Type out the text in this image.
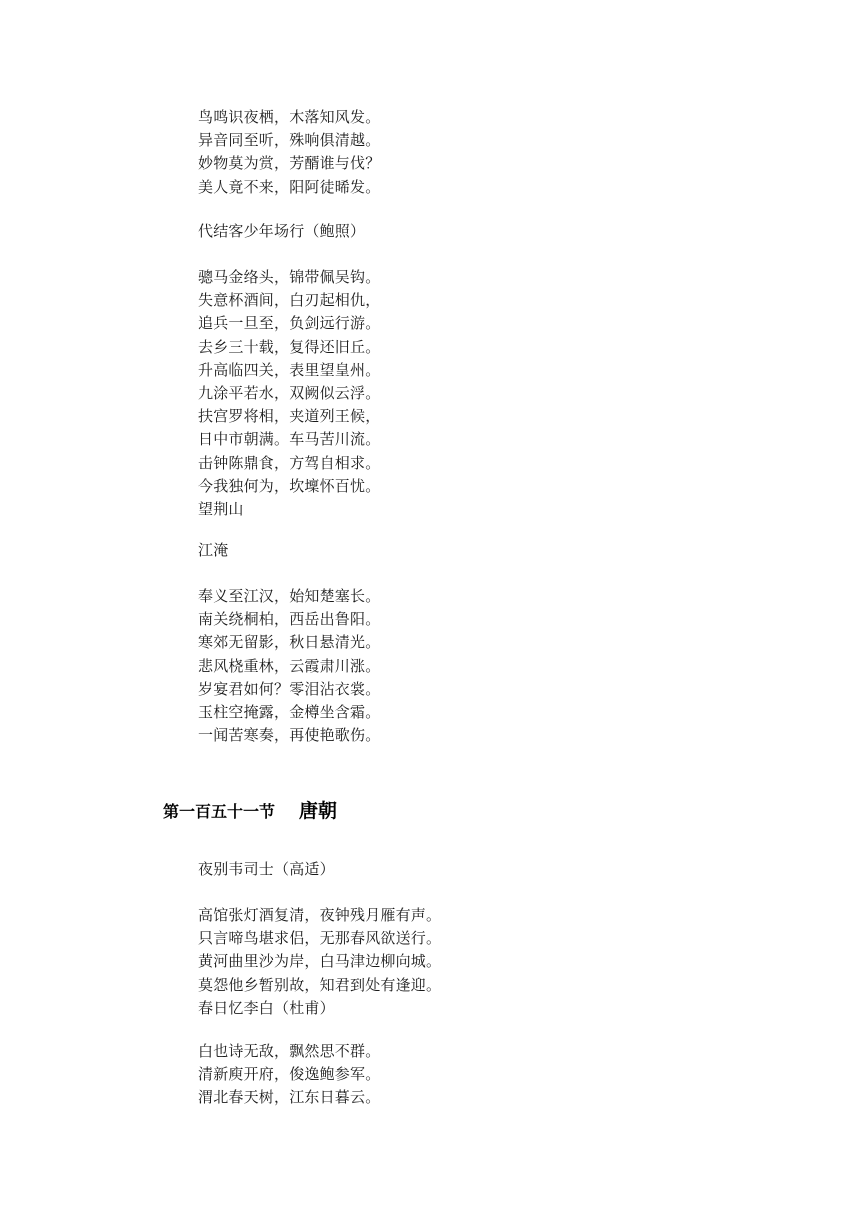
鸟鸣识夜栖，木落知风发。
异音同至听，殊响俱清越。
妙物莫为赏，芳醑谁与伐？
美人竟不来，阳阿徒晞发。
代结客少年场行（鲍照）
骢马金络头，锦带佩吴钩。
失意杯酒间，白刃起相仇，
追兵一旦至，负剑远行游。
去乡三十载，复得还旧丘。
升高临四关，表里望皇州。
九涂平若水，双阙似云浮。
扶宫罗将相，夹道列王候，
日中市朝满。车马苦川流。
击钟陈鼎食，方驾自相求。
今我独何为，坎壈怀百忧。
望荆山
江淹
奉义至江汉，始知楚塞长。
南关绕桐柏，西岳出鲁阳。
寒郊无留影，秋日悬清光。
悲风桡重林，云霞肃川涨。
岁宴君如何？零泪沾衣裳。
玉柱空掩露，金樽坐含霜。
一闻苦寒奏，再使艳歌伤。
第一百五十一节 唐朝
夜别韦司士（高适）
高馆张灯酒复清，夜钟残月雁有声。
只言啼鸟堪求侣，无那春风欲送行。
黄河曲里沙为岸，白马津边柳向城。
莫怨他乡暂别故，知君到处有逢迎。
春日忆李白（杜甫）
白也诗无敌，飘然思不群。
清新庾开府，俊逸鲍参军。
渭北春天树，江东日暮云。
